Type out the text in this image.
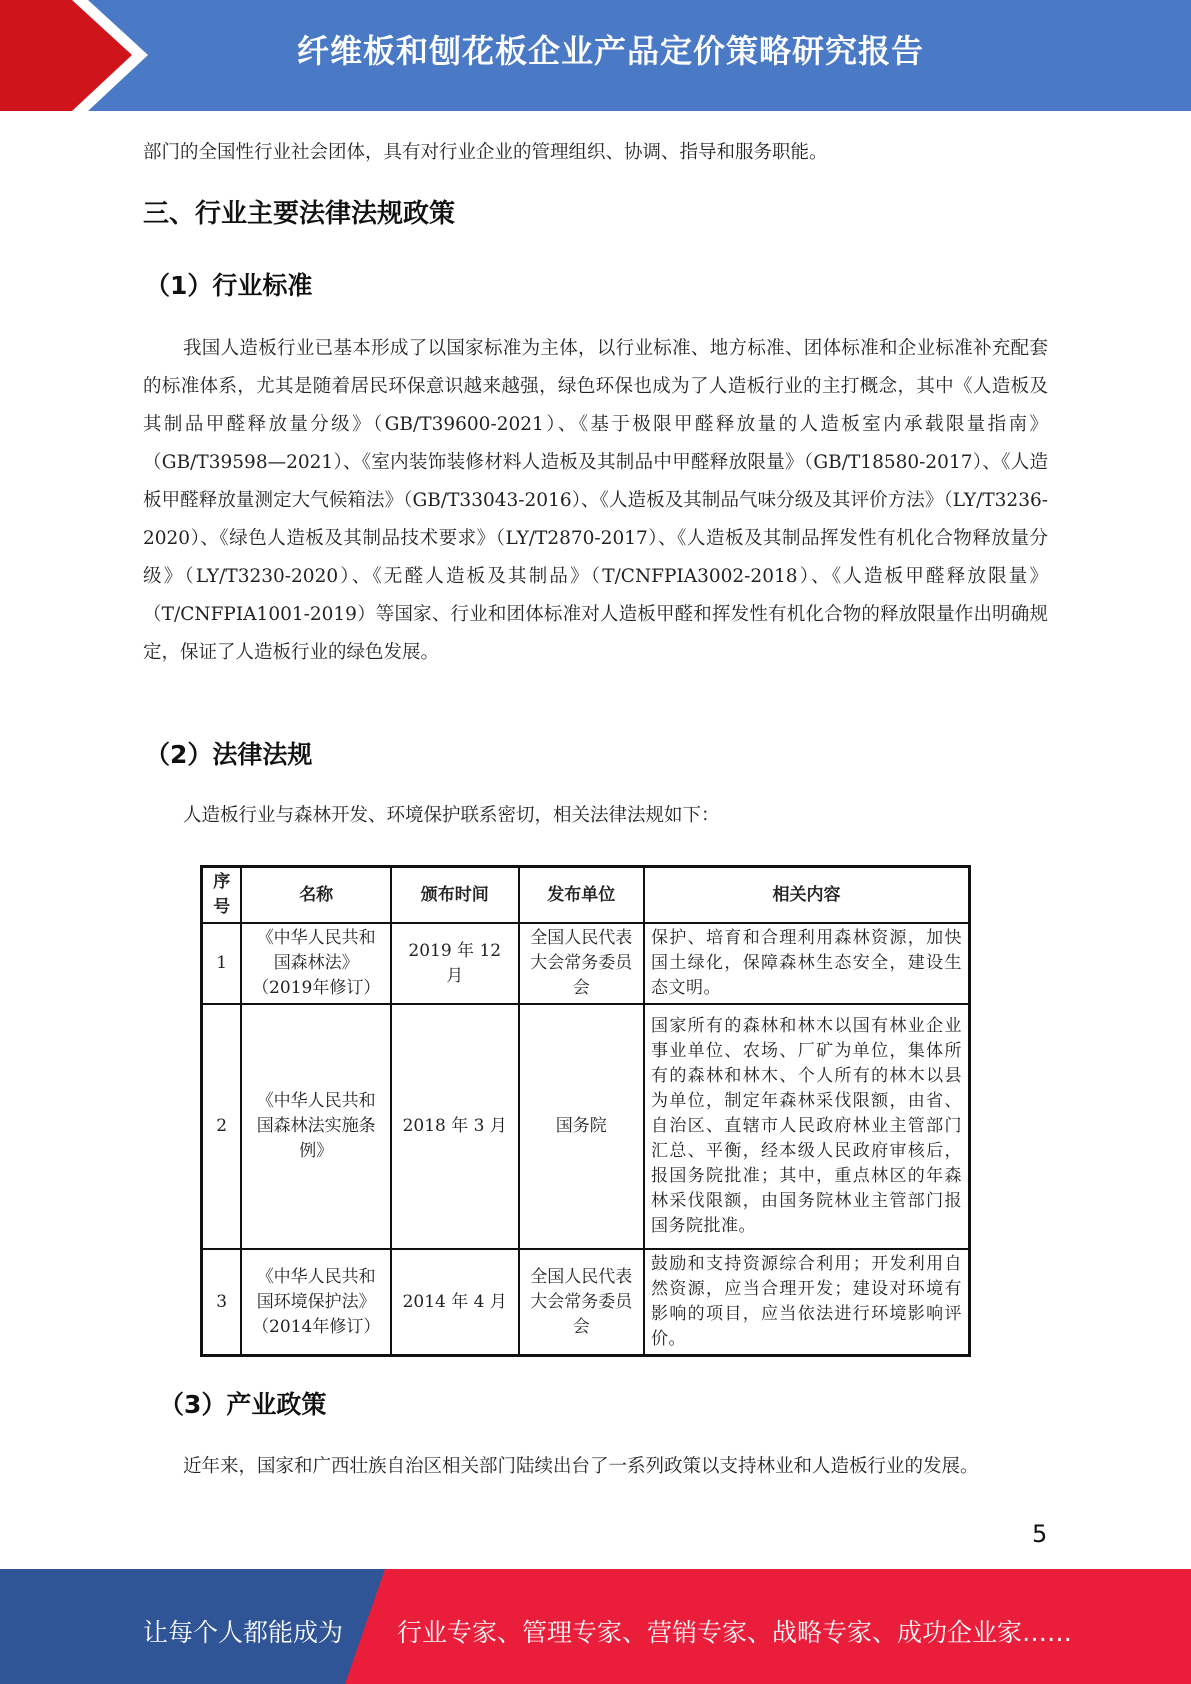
纤维板和刨花板企业产品定价策略研究报告

部门的全国性行业社会团体，具有对行业企业的管理组织、协调、指导和服务职能。

三、行业主要法律法规政策
（1）行业标准

我国人造板行业已基本形成了以国家标准为主体，以行业标准、地方标准、团体标准和企业标准补充配套的标准体系，尤其是随着居民环保意识越来越强，绿色环保也成为了人造板行业的主打概念，其中《人造板及其制品甲醛释放量分级》（GB/T39600-2021）、《基于极限甲醛释放量的人造板室内承载限量指南》（GB/T39598—2021）、《室内装饰装修材料人造板及其制品中甲醛释放限量》（GB/T18580-2017）、《人造板甲醛释放量测定大气候箱法》（GB/T33043-2016）、《人造板及其制品气味分级及其评价方法》（LY/T3236-2020）、《绿色人造板及其制品技术要求》（LY/T2870-2017）、《人造板及其制品挥发性有机化合物释放量分级》（LY/T3230-2020）、《无醛人造板及其制品》（T/CNFPIA3002-2018）、《人造板甲醛释放限量》（T/CNFPIA1001-2019）等国家、行业和团体标准对人造板甲醛和挥发性有机化合物的释放限量作出明确规定，保证了人造板行业的绿色发展。

（2）法律法规

人造板行业与森林开发、环境保护联系密切，相关法律法规如下：

（3）产业政策

近年来，国家和广西壮族自治区相关部门陆续出台了一系列政策以支持林业和人造板行业的发展。

序号	名称	颁布时间	发布单位	相关内容
1	《中华人民共和国森林法》（2019年修订）	2019 年 12 月	全国人民代表大会常务委员会	保护、培育和合理利用森林资源，加快国土绿化，保障森林生态安全，建设生态文明。
2	《中华人民共和国森林法实施条例》	2018 年 3 月	国务院	国家所有的森林和林木以国有林业企业事业单位、农场、厂矿为单位，集体所有的森林和林木、个人所有的林木以县为单位，制定年森林采伐限额，由省、自治区、直辖市人民政府林业主管部门汇总、平衡，经本级人民政府审核后，报国务院批准；其中，重点林区的年森林采伐限额，由国务院林业主管部门报国务院批准。
3	《中华人民共和国环境保护法》（2014年修订）	2014 年 4 月	全国人民代表大会常务委员会	鼓励和支持资源综合利用；开发利用自然资源，应当合理开发；建设对环境有影响的项目，应当依法进行环境影响评价。
5
让每个人都能成为 行业专家、管理专家、营销专家、战略专家、成功企业家……
